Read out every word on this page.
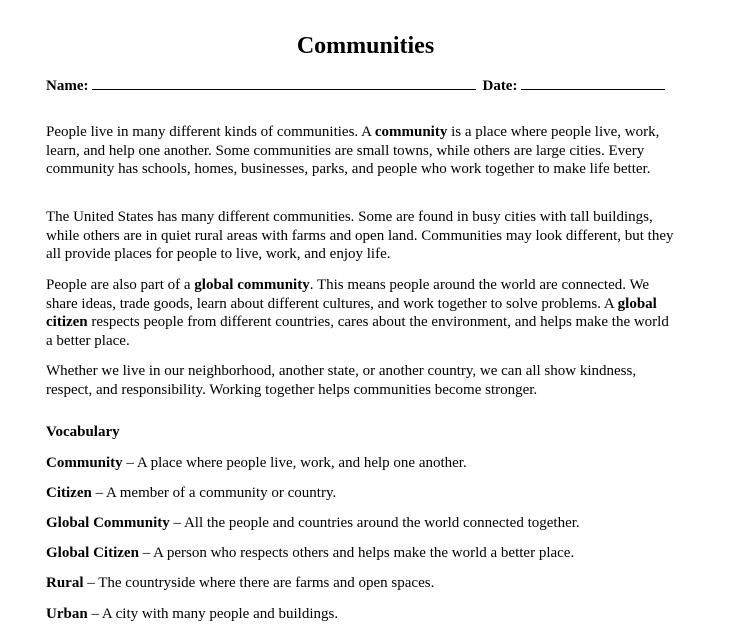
Communities
Name:	Date:

People live in many different kinds of communities. A community is a place where people live, work, learn, and help one another. Some communities are small towns, while others are large cities. Every community has schools, homes, businesses, parks, and people who work together to make life better.

The United States has many different communities. Some are found in busy cities with tall buildings, while others are in quiet rural areas with farms and open land. Communities may look different, but they all provide places for people to live, work, and enjoy life.

People are also part of a global community. This means people around the world are connected. We share ideas, trade goods, learn about different cultures, and work together to solve problems. A global citizen respects people from different countries, cares about the environment, and helps make the world a better place.

Whether we live in our neighborhood, another state, or another country, we can all show kindness, respect, and responsibility. Working together helps communities become stronger.

Vocabulary

Community – A place where people live, work, and help one another.

Citizen – A member of a community or country.

Global Community – All the people and countries around the world connected together.

Global Citizen – A person who respects others and helps make the world a better place.

Rural – The countryside where there are farms and open spaces.

Urban – A city with many people and buildings.
